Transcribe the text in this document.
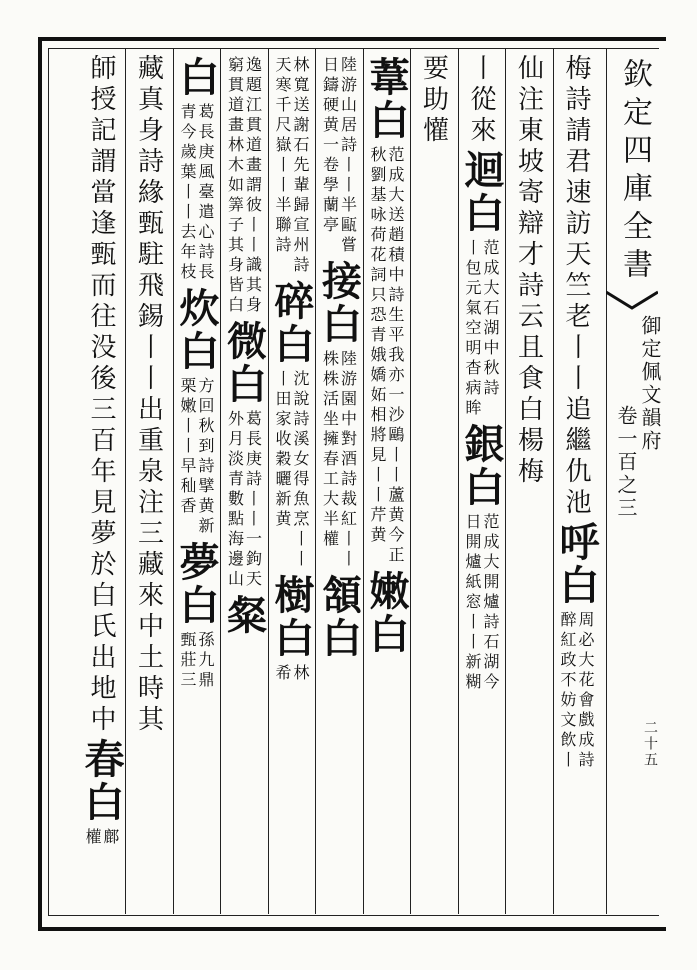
欽定四庫全書
御定佩文韻府
卷一百之三
二十五
梅詩請君速訪天竺老
丨丨追繼仇池
呼白
周必大花會戲成詩
醉紅政不妨文飲丨
仙注東坡寄辯才詩云且食白楊梅
丨從來
迴白
范成大石湖中秋詩
丨包元氣空明杳病眸
銀白
范成大開爐詩石湖今
日開爐紙窓丨丨新糊
要助懽
葦白
范成大送趙積中詩生平我亦一沙鷗丨丨蘆黄今正
秋劉基咏荷花詞只恐青娥嬌妬相將見丨丨芹黄
嫩白
陸游山居詩丨丨半甌嘗
日鑄硬黄一卷學蘭亭
接白
陸游園中對酒詩裁紅丨丨
株株活坐擁春工大半權
頷白
林寬送謝石先輩歸宣州詩
天寒千尺嶽丨丨半聯詩
碎白
沈說詩溪女得魚烹丨丨
丨田家收穀曬新黄
樹白
林
希
逸題江貫道畫謂彼丨丨識其身
窮貫道畫林木如筭子其身皆白
微白
葛長庚詩丨丨一鉤天
外月淡青數點海邊山
粲
白
葛長庚風臺遣心詩長
青今歲葉丨丨去年枝
炊白
方回秋到詩擘黄新
栗嫩丨丨早秈香
夢白
孫九鼎
甄莊三
藏真身詩緣甄駐飛錫丨丨出重泉注三藏來中土時其
師授記謂當逢甄而往没後三百年見夢於白氏出地中
春白
鄜
權
